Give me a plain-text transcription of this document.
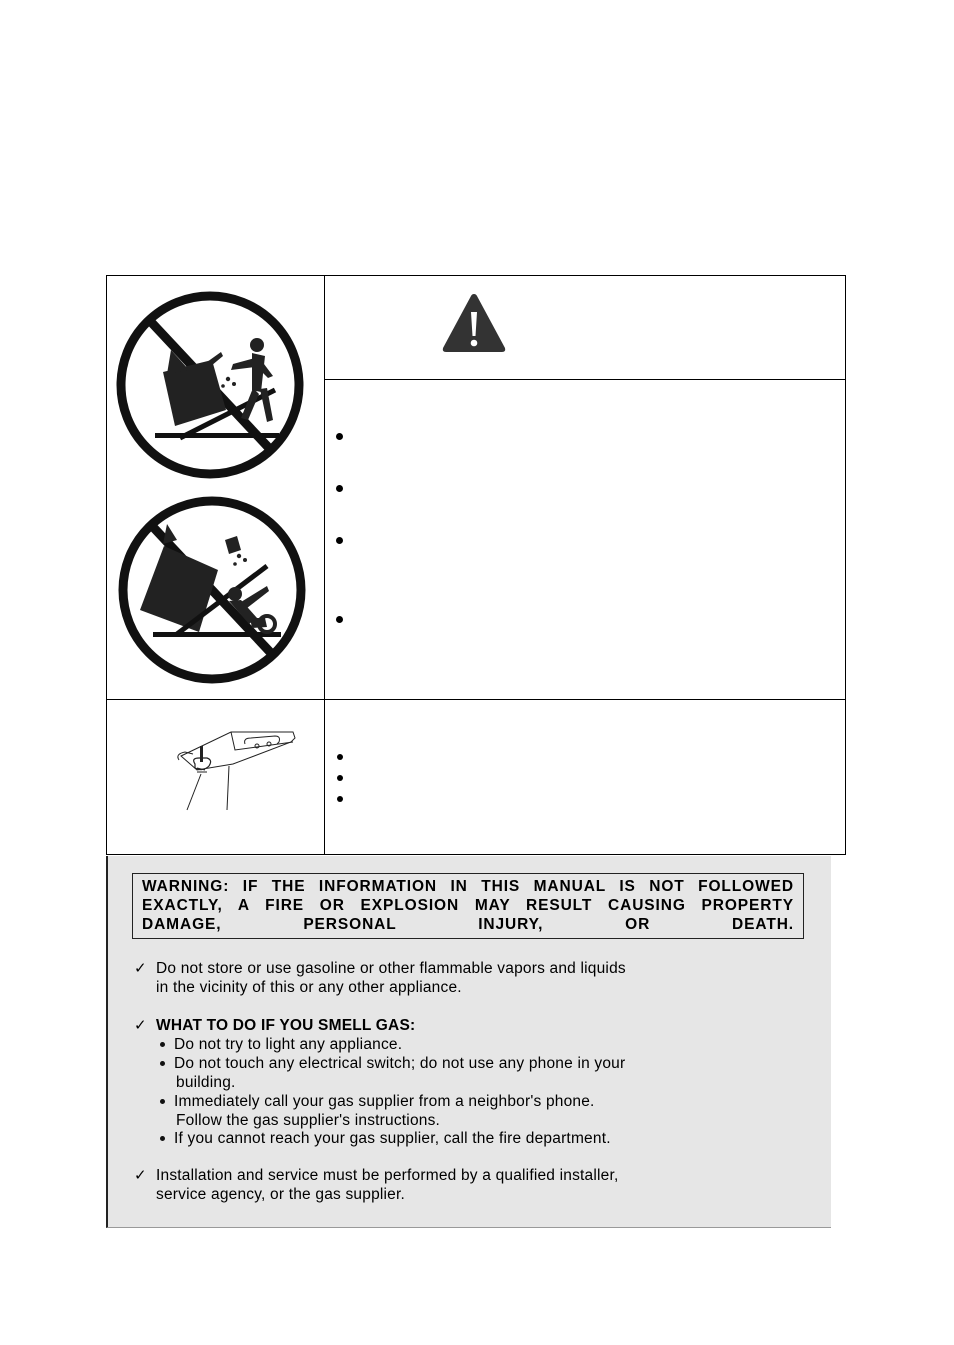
WARNING: IF THE INFORMATION IN THIS MANUAL IS NOT FOLLOWED EXACTLY, A FIRE OR EXPLOSION MAY RESULT CAUSING PROPERTY DAMAGE, PERSONAL INJURY, OR DEATH.

✓ Do not store or use gasoline or other flammable vapors and liquids
in the vicinity of this or any other appliance.
✓ WHAT TO DO IF YOU SMELL GAS:
Do not try to light any appliance.
Do not touch any electrical switch; do not use any phone in your
building.
Immediately call your gas supplier from a neighbor's phone.
Follow the gas supplier's instructions.
If you cannot reach your gas supplier, call the fire department.
✓ Installation and service must be performed by a qualified installer,
service agency, or the gas supplier.
